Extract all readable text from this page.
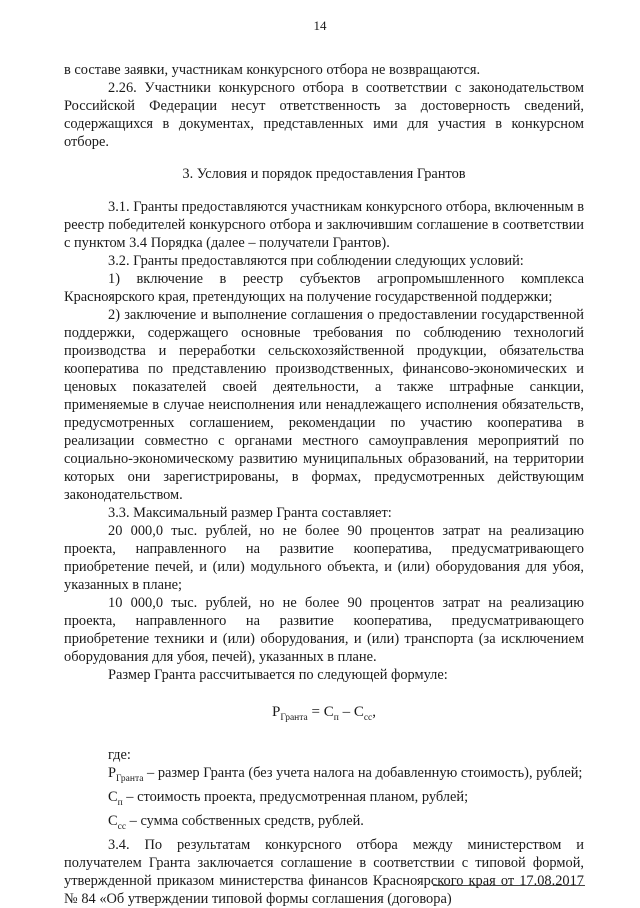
14

в составе заявки, участникам конкурсного отбора не возвращаются.

2.26. Участники конкурсного отбора в соответствии с законодательством Российской Федерации несут ответственность за достоверность сведений, содержащихся в документах, представленных ими для участия в конкурсном отборе.

3. Условия и порядок предоставления Грантов

3.1. Гранты предоставляются участникам конкурсного отбора, включенным в реестр победителей конкурсного отбора и заключившим соглашение в соответствии с пунктом 3.4 Порядка (далее – получатели Грантов).

3.2. Гранты предоставляются при соблюдении следующих условий:

1) включение в реестр субъектов агропромышленного комплекса Красноярского края, претендующих на получение государственной поддержки;

2) заключение и выполнение соглашения о предоставлении государственной поддержки, содержащего основные требования по соблюдению технологий производства и переработки сельскохозяйственной продукции, обязательства кооператива по представлению производственных, финансово-экономических и ценовых показателей своей деятельности, а также штрафные санкции, применяемые в случае неисполнения или ненадлежащего исполнения обязательств, предусмотренных соглашением, рекомендации по участию кооператива в реализации совместно с органами местного самоуправления мероприятий по социально-экономическому развитию муниципальных образований, на территории которых они зарегистрированы, в формах, предусмотренных действующим законодательством.

3.3. Максимальный размер Гранта составляет:

20 000,0 тыс. рублей, но не более 90 процентов затрат на реализацию проекта, направленного на развитие кооператива, предусматривающего приобретение печей, и (или) модульного объекта, и (или) оборудования для убоя, указанных в плане;

10 000,0 тыс. рублей, но не более 90 процентов затрат на реализацию проекта, направленного на развитие кооператива, предусматривающего приобретение техники и (или) оборудования, и (или) транспорта (за исключением оборудования для убоя, печей), указанных в плане.

Размер Гранта рассчитывается по следующей формуле:

$Р_{Гранта} = С_п - С_{сс}$,

где:

$Р_{Гранта}$ – размер Гранта (без учета налога на добавленную стоимость), рублей;

$С_п$ – стоимость проекта, предусмотренная планом, рублей;

$С_{сс}$ – сумма собственных средств, рублей.

3.4. По результатам конкурсного отбора между министерством и получателем Гранта заключается соглашение в соответствии с типовой формой, утвержденной приказом министерства финансов Красноярского края от 17.08.2017 № 84 «Об утверждении типовой формы соглашения (договора)
